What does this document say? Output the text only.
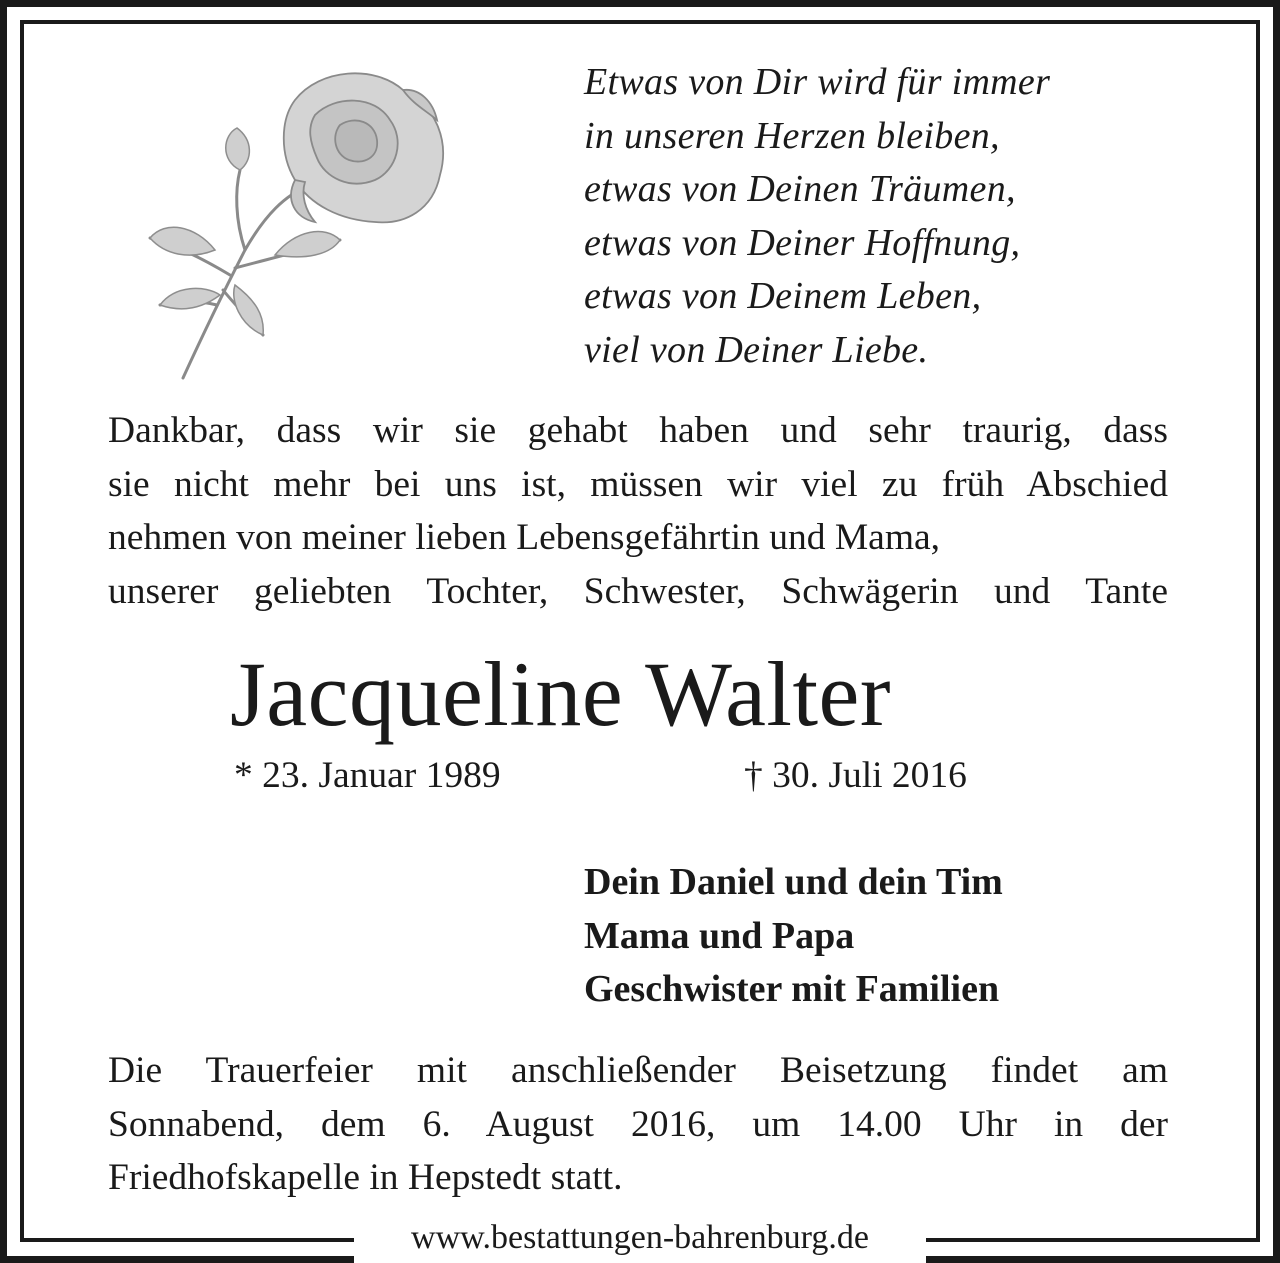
Etwas von Dir wird für immer
in unseren Herzen bleiben,
etwas von Deinen Träumen,
etwas von Deiner Hoffnung,
etwas von Deinem Leben,
viel von Deiner Liebe.
Dankbar, dass wir sie gehabt haben und sehr traurig, dass
sie nicht mehr bei uns ist, müssen wir viel zu früh Abschied
nehmen von meiner lieben Lebensgefährtin und Mama,
unserer geliebten Tochter, Schwester, Schwägerin und Tante
Jacqueline Walter
* 23. Januar 1989	† 30. Juli 2016
Dein Daniel und dein Tim
Mama und Papa
Geschwister mit Familien
Die Trauerfeier mit anschließender Beisetzung findet am
Sonnabend, dem 6. August 2016, um 14.00 Uhr in der
Friedhofskapelle in Hepstedt statt.
www.bestattungen-bahrenburg.de
